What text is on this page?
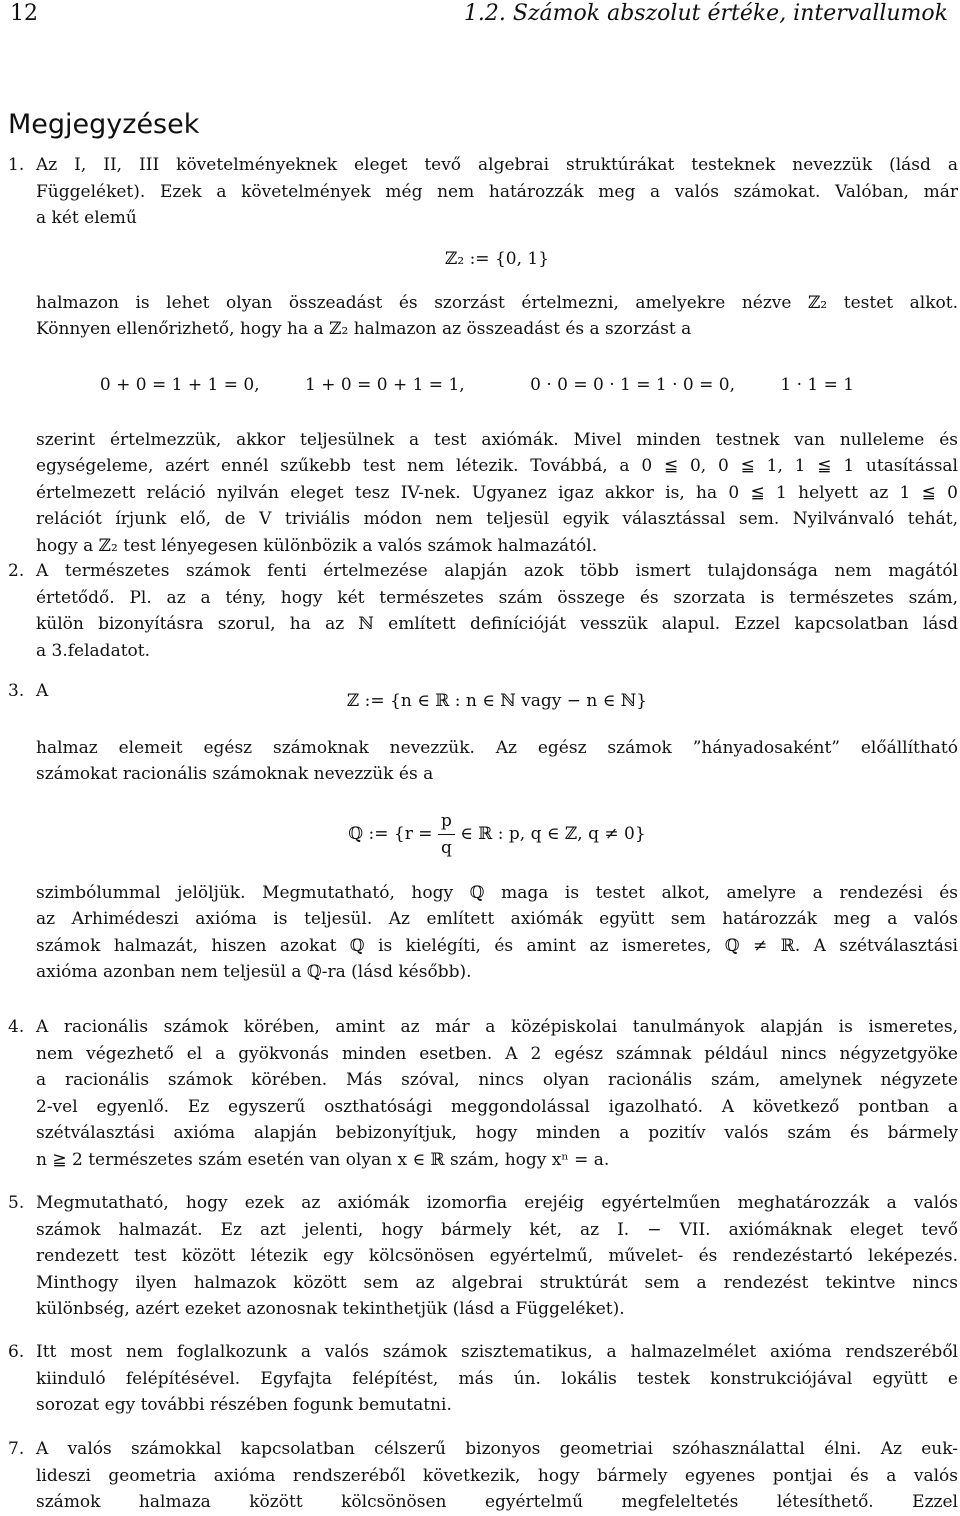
12	1.2. Számok abszolut értéke, intervallumok
Megjegyzések
1. Az I, II, III követelményeknek eleget tevő algebrai struktúrákat testeknek nevezzük (lásd a
Függeléket). Ezek a követelmények még nem határozzák meg a valós számokat. Valóban, már
a két elemű
ℤ₂ := {0, 1}
halmazon is lehet olyan összeadást és szorzást értelmezni, amelyekre nézve ℤ₂ testet alkot.
Könnyen ellenőrizhető, hogy ha a ℤ₂ halmazon az összeadást és a szorzást a
0 + 0 = 1 + 1 = 0,	1 + 0 = 0 + 1 = 1,	0 · 0 = 0 · 1 = 1 · 0 = 0,	1 · 1 = 1
szerint értelmezzük, akkor teljesülnek a test axiómák. Mivel minden testnek van nulleleme és
egységeleme, azért ennél szűkebb test nem létezik. Továbbá, a 0 ≦ 0, 0 ≦ 1, 1 ≦ 1 utasítással
értelmezett reláció nyilván eleget tesz IV-nek. Ugyanez igaz akkor is, ha 0 ≦ 1 helyett az 1 ≦ 0
relációt írjunk elő, de V triviális módon nem teljesül egyik választással sem. Nyilvánvaló tehát,
hogy a ℤ₂ test lényegesen különbözik a valós számok halmazától.
2. A természetes számok fenti értelmezése alapján azok több ismert tulajdonsága nem magától
értetődő. Pl. az a tény, hogy két természetes szám összege és szorzata is természetes szám,
külön bizonyításra szorul, ha az ℕ említett definícióját vesszük alapul. Ezzel kapcsolatban lásd
a 3.feladatot.
3. A	ℤ := {n ∈ ℝ : n ∈ ℕ vagy − n ∈ ℕ}
halmaz elemeit egész számoknak nevezzük. Az egész számok ”hányadosaként” előállítható
számokat racionális számoknak nevezzük és a
ℚ := {$r = \frac{p}{q}$ ∈ ℝ : p, q ∈ ℤ, q ≠ 0}
szimbólummal jelöljük. Megmutatható, hogy ℚ maga is testet alkot, amelyre a rendezési és
az Arhimédeszi axióma is teljesül. Az említett axiómák együtt sem határozzák meg a valós
számok halmazát, hiszen azokat ℚ is kielégíti, és amint az ismeretes, ℚ ≠ ℝ. A szétválasztási
axióma azonban nem teljesül a ℚ-ra (lásd később).
4. A racionális számok körében, amint az már a középiskolai tanulmányok alapján is ismeretes,
nem végezhető el a gyökvonás minden esetben. A 2 egész számnak például nincs négyzetgyöke
a racionális számok körében. Más szóval, nincs olyan racionális szám, amelynek négyzete
2-vel egyenlő. Ez egyszerű oszthatósági meggondolással igazolható. A következő pontban a
szétválasztási axióma alapján bebizonyítjuk, hogy minden a pozitív valós szám és bármely
n ≧ 2 természetes szám esetén van olyan x ∈ ℝ szám, hogy xⁿ = a.
5. Megmutatható, hogy ezek az axiómák izomorfia erejéig egyértelműen meghatározzák a valós
számok halmazát. Ez azt jelenti, hogy bármely két, az I. − VII. axiómáknak eleget tevő
rendezett test között létezik egy kölcsönösen egyértelmű, művelet- és rendezéstartó leképezés.
Minthogy ilyen halmazok között sem az algebrai struktúrát sem a rendezést tekintve nincs
különbség, azért ezeket azonosnak tekinthetjük (lásd a Függeléket).
6. Itt most nem foglalkozunk a valós számok szisztematikus, a halmazelmélet axióma rendszeréből
kiinduló felépítésével. Egyfajta felépítést, más ún. lokális testek konstrukciójával együtt e
sorozat egy további részében fogunk bemutatni.
7. A valós számokkal kapcsolatban célszerű bizonyos geometriai szóhasználattal élni. Az euk-
lideszi geometria axióma rendszeréből következik, hogy bármely egyenes pontjai és a valós
számok halmaza között kölcsönösen egyértelmű megfeleltetés létesíthető. Ezzel
